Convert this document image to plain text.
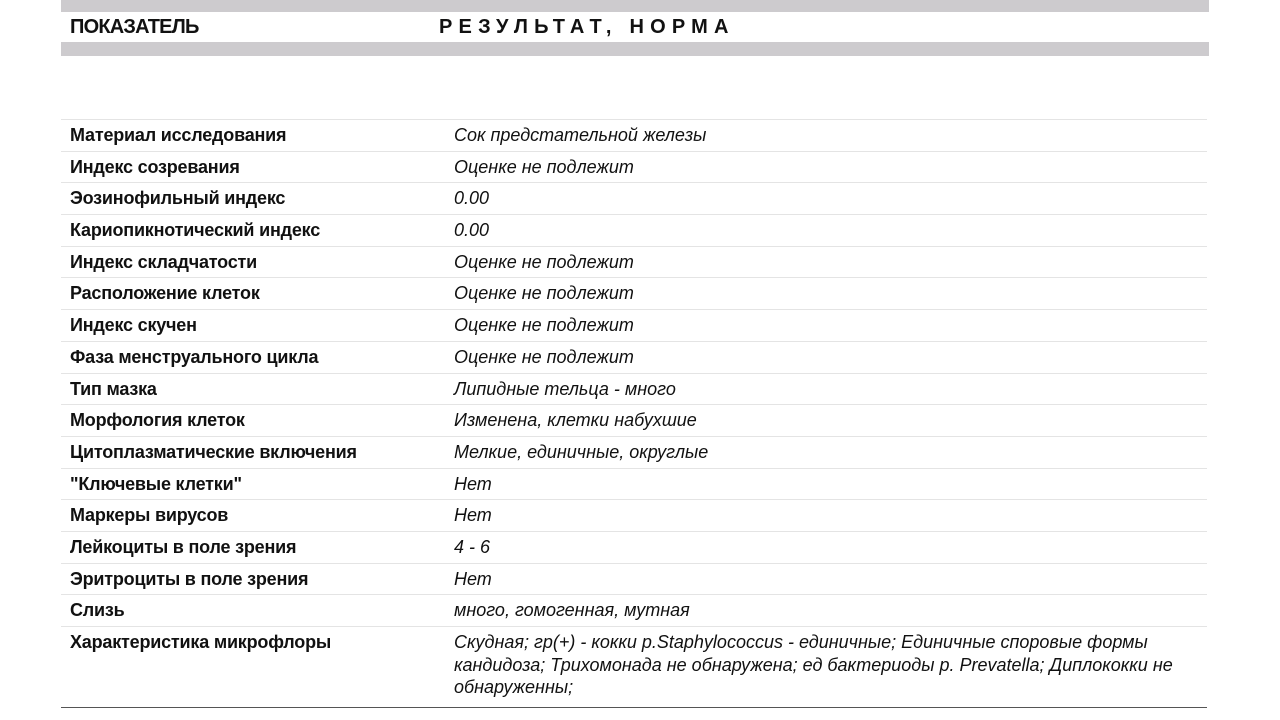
ПОКАЗАТЕЛЬ	РЕЗУЛЬТАТ, НОРМА
Материал исследования	Сок предстательной железы
Индекс созревания	Оценке не подлежит
Эозинофильный индекс	0.00
Кариопикнотический индекс	0.00
Индекс складчатости	Оценке не подлежит
Расположение клеток	Оценке не подлежит
Индекс скучен	Оценке не подлежит
Фаза менструального цикла	Оценке не подлежит
Тип мазка	Липидные тельца - много
Морфология клеток	Изменена, клетки набухшие
Цитоплазматические включения	Мелкие, единичные, округлые
"Ключевые клетки"	Нет
Маркеры вирусов	Нет
Лейкоциты в поле зрения	4 - 6
Эритроциты в поле зрения	Нет
Слизь	много, гомогенная, мутная
Характеристика микрофлоры	Скудная; гр(+) - кокки р.Staphylococcus - единичные; Единичные споровые формы кандидоза; Трихомонада не обнаружена; ед бактериоды р. Prevatella; Диплококки не обнаруженны;
